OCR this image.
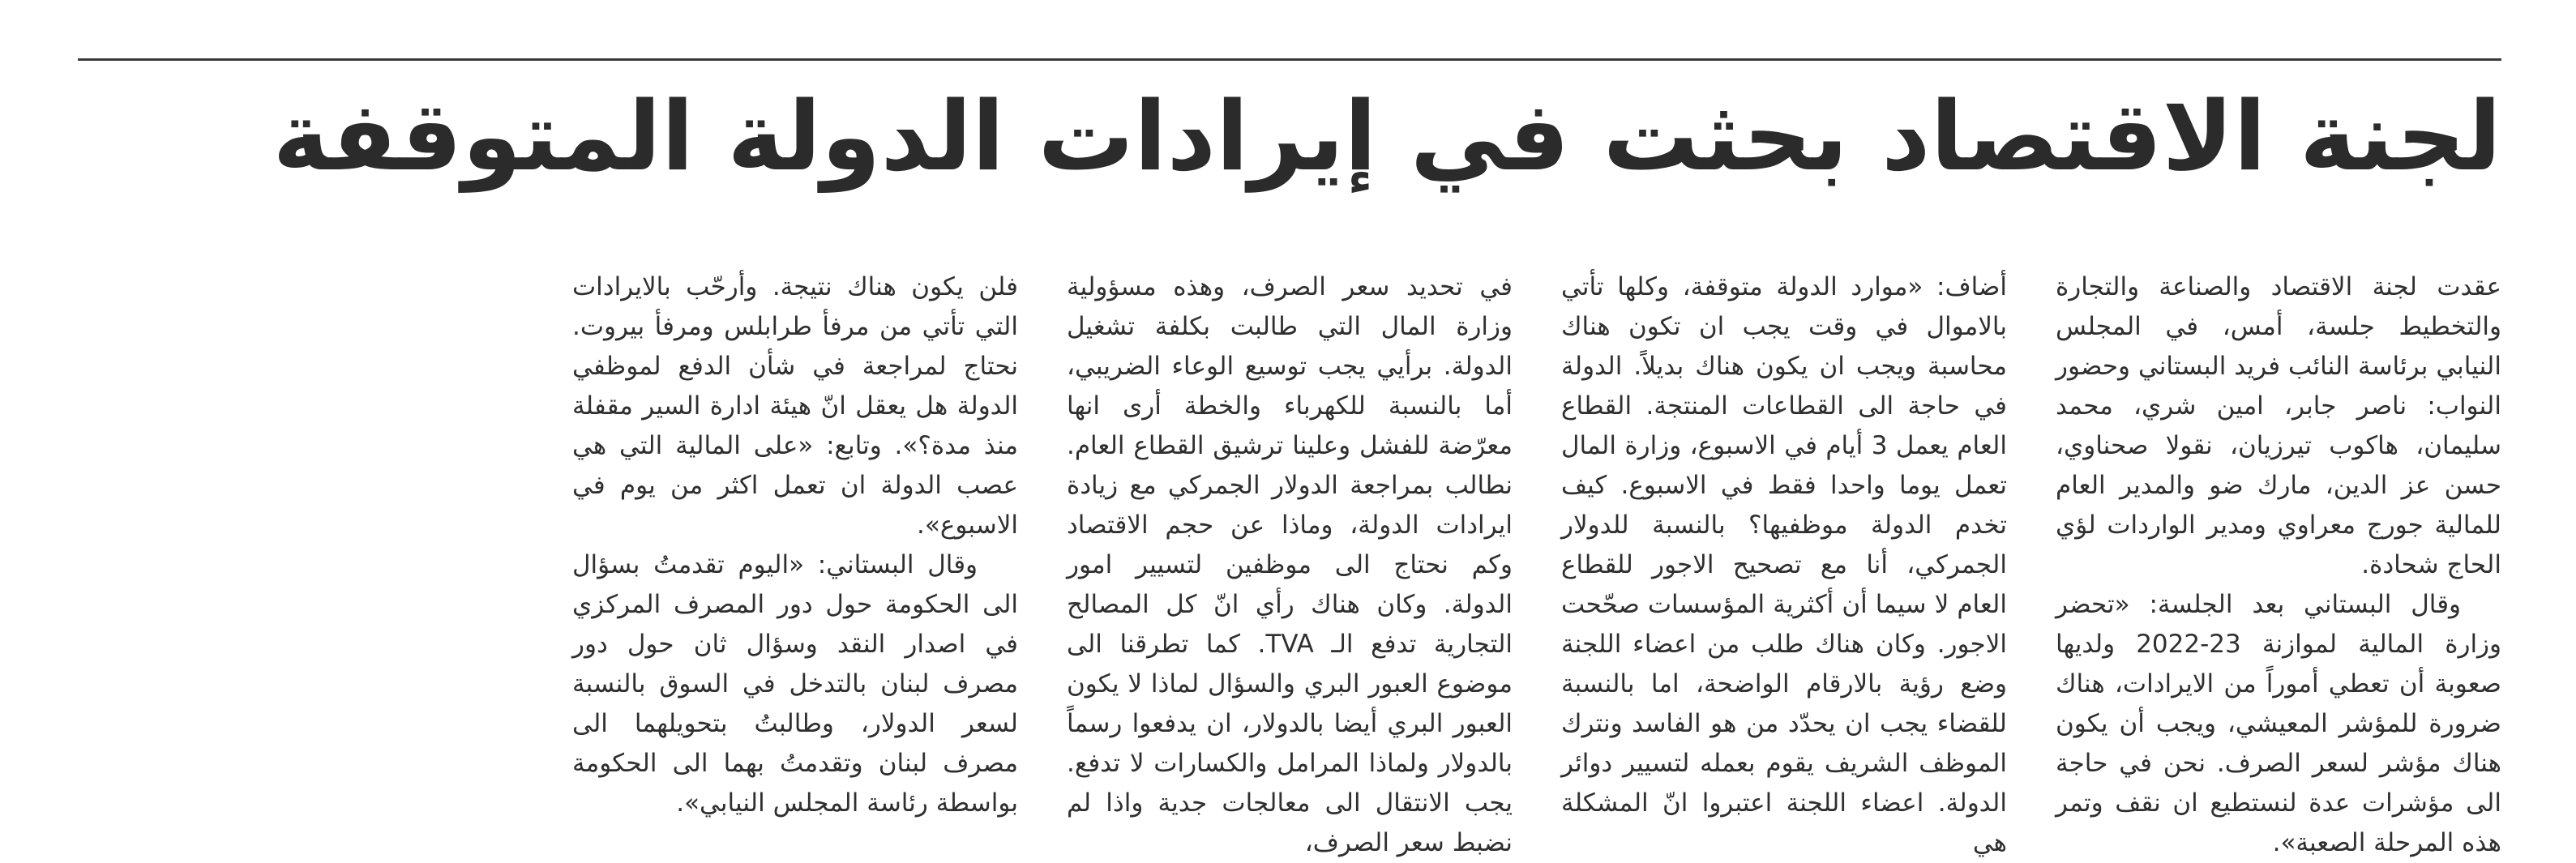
لجنة الاقتصاد بحثت في إيرادات الدولة المتوقفة

عقدت لجنة الاقتصاد والصناعة والتجارة والتخطيط جلسة، أمس، في المجلس النيابي برئاسة النائب فريد البستاني وحضور النواب: ناصر جابر، امين شري، محمد سليمان، هاكوب تيرزيان، نقولا صحناوي، حسن عز الدين، مارك ضو والمدير العام للمالية جورج معراوي ومدير الواردات لؤي الحاج شحادة.

وقال البستاني بعد الجلسة: «تحضر وزارة المالية لموازنة 23-2022 ولديها صعوبة أن تعطي أموراً من الايرادات، هناك ضرورة للمؤشر المعيشي، ويجب أن يكون هناك مؤشر لسعر الصرف. نحن في حاجة الى مؤشرات عدة لنستطيع ان نقف وتمر هذه المرحلة الصعبة».

أضاف: «موارد الدولة متوقفة، وكلها تأتي بالاموال في وقت يجب ان تكون هناك محاسبة ويجب ان يكون هناك بديلاً. الدولة في حاجة الى القطاعات المنتجة. القطاع العام يعمل 3 أيام في الاسبوع، وزارة المال تعمل يوما واحدا فقط في الاسبوع. كيف تخدم الدولة موظفيها؟ بالنسبة للدولار الجمركي، أنا مع تصحيح الاجور للقطاع العام لا سيما أن أكثرية المؤسسات صحّحت الاجور. وكان هناك طلب من اعضاء اللجنة وضع رؤية بالارقام الواضحة، اما بالنسبة للقضاء يجب ان يحدّد من هو الفاسد ونترك الموظف الشريف يقوم بعمله لتسيير دوائر الدولة. اعضاء اللجنة اعتبروا انّ المشكلة هي

في تحديد سعر الصرف، وهذه مسؤولية وزارة المال التي طالبت بكلفة تشغيل الدولة. برأيي يجب توسيع الوعاء الضريبي، أما بالنسبة للكهرباء والخطة أرى انها معرّضة للفشل وعلينا ترشيق القطاع العام. نطالب بمراجعة الدولار الجمركي مع زيادة ايرادات الدولة، وماذا عن حجم الاقتصاد وكم نحتاج الى موظفين لتسيير امور الدولة. وكان هناك رأي انّ كل المصالح التجارية تدفع الـ TVA. كما تطرقنا الى موضوع العبور البري والسؤال لماذا لا يكون العبور البري أيضا بالدولار، ان يدفعوا رسماً بالدولار ولماذا المرامل والكسارات لا تدفع. يجب الانتقال الى معالجات جدية واذا لم نضبط سعر الصرف،

فلن يكون هناك نتيجة. وأرحّب بالايرادات التي تأتي من مرفأ طرابلس ومرفأ بيروت. نحتاج لمراجعة في شأن الدفع لموظفي الدولة هل يعقل انّ هيئة ادارة السير مقفلة منذ مدة؟». وتابع: «على المالية التي هي عصب الدولة ان تعمل اكثر من يوم في الاسبوع».

وقال البستاني: «اليوم تقدمتُ بسؤال الى الحكومة حول دور المصرف المركزي في اصدار النقد وسؤال ثان حول دور مصرف لبنان بالتدخل في السوق بالنسبة لسعر الدولار، وطالبتُ بتحويلهما الى مصرف لبنان وتقدمتُ بهما الى الحكومة بواسطة رئاسة المجلس النيابي».
